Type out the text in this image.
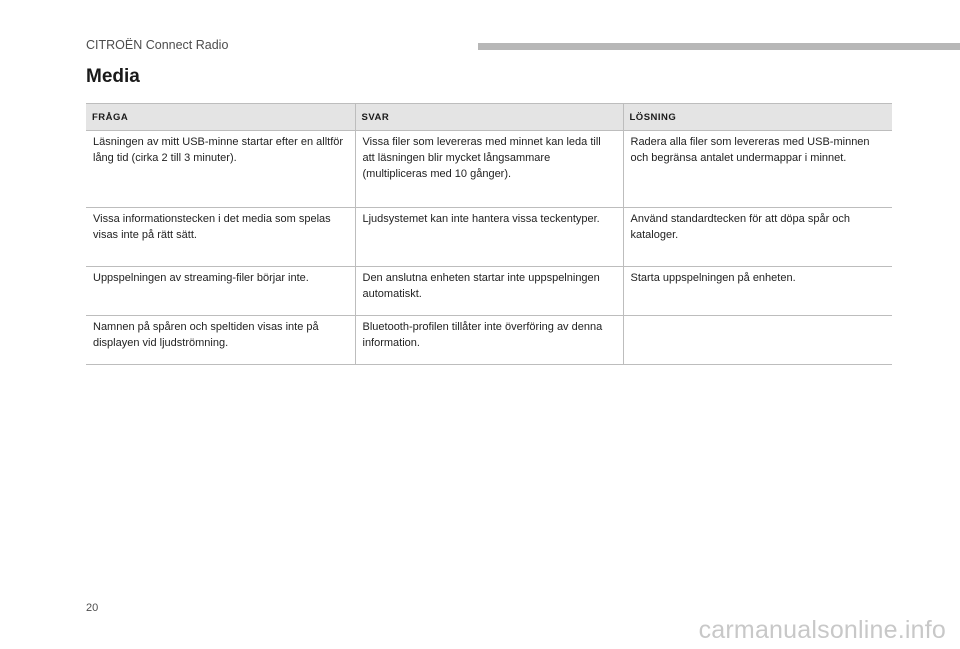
CITROËN Connect Radio
Media
FRÅGA	SVAR	LÖSNING
Läsningen av mitt USB-minne startar efter en alltför lång tid (cirka 2 till 3 minuter).	Vissa filer som levereras med minnet kan leda till att läsningen blir mycket långsammare (multipliceras med 10 gånger).	Radera alla filer som levereras med USB-minnen och begränsa antalet undermappar i minnet.
Vissa informationstecken i det media som spelas visas inte på rätt sätt.	Ljudsystemet kan inte hantera vissa teckentyper.	Använd standardtecken för att döpa spår och kataloger.
Uppspelningen av streaming-filer börjar inte.	Den anslutna enheten startar inte uppspelningen automatiskt.	Starta uppspelningen på enheten.
Namnen på spåren och speltiden visas inte på displayen vid ljudströmning.	Bluetooth-profilen tillåter inte överföring av denna information.	
20
carmanualsonline.info
